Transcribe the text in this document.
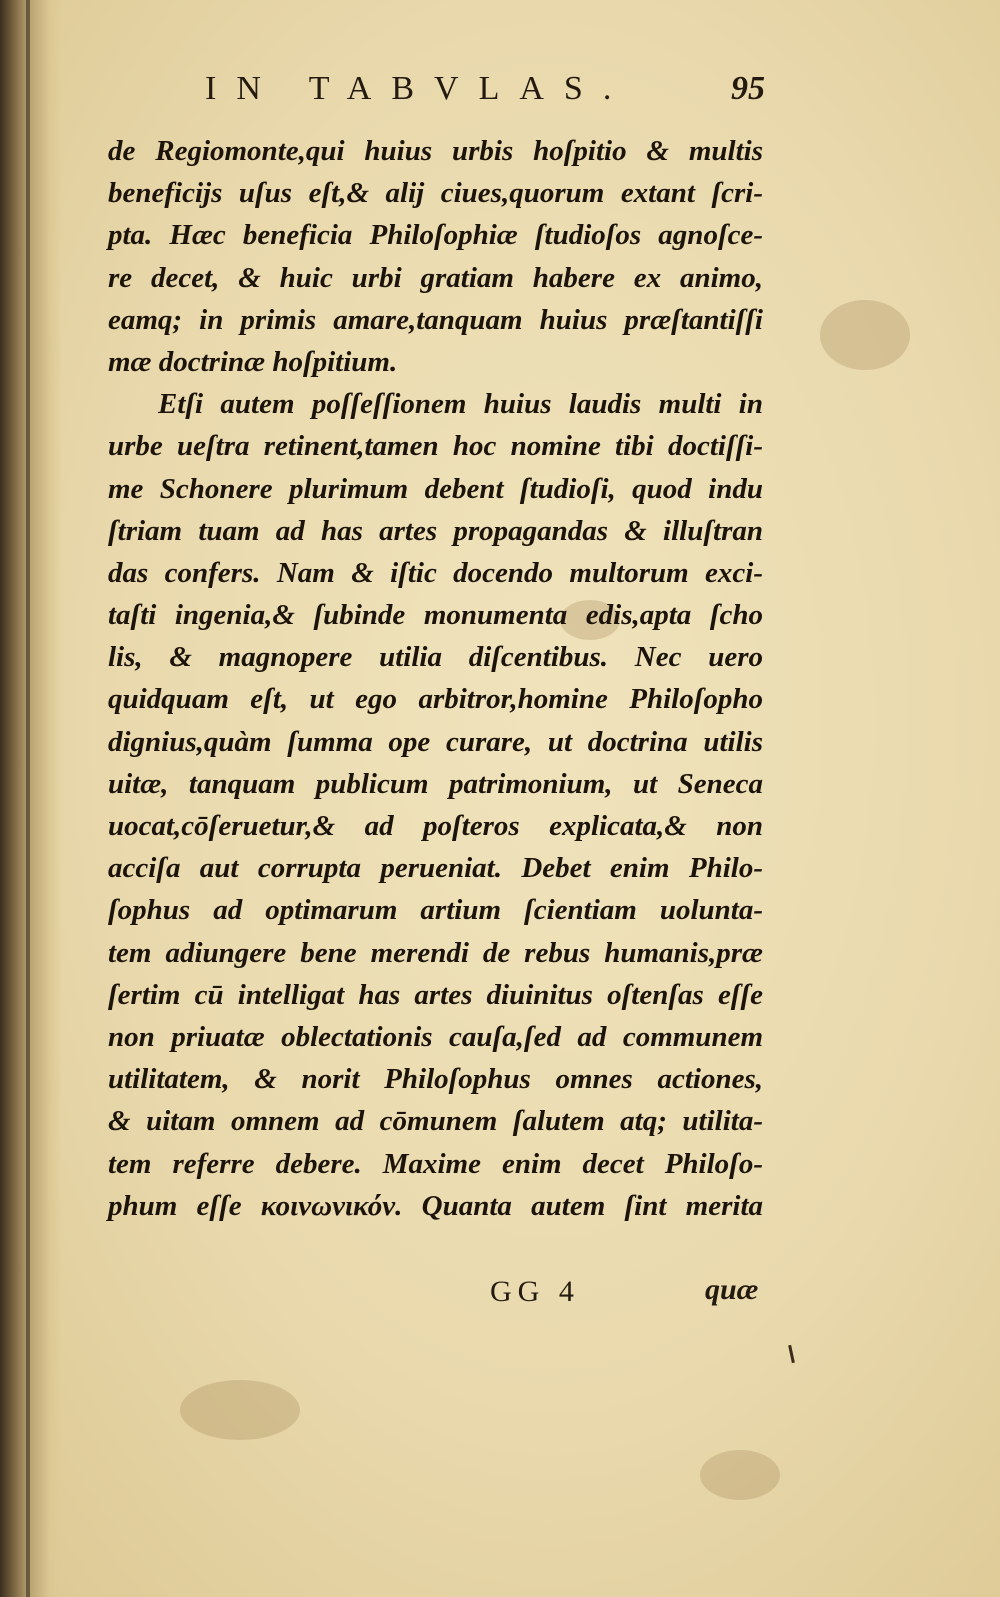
IN TABVLAS.	95
de Regiomonte,qui huius urbis hoſpitio & multis
beneficijs uſus eſt,& alij ciues,quorum extant ſcri-
pta. Hæc beneficia Philoſophiæ ſtudioſos agnoſce-
re decet, & huic urbi gratiam habere ex animo,
eamq; in primis amare,tanquam huius præſtantiſſi
mæ doctrinæ hoſpitium.
Etſi autem poſſeſſionem huius laudis multi in
urbe ueſtra retinent,tamen hoc nomine tibi doctiſſi-
me Schonere plurimum debent ſtudioſi, quod indu
ſtriam tuam ad has artes propagandas & illuſtran
das confers. Nam & iſtic docendo multorum exci-
taſti ingenia,& ſubinde monumenta edis,apta ſcho
lis, & magnopere utilia diſcentibus. Nec uero
quidquam eſt, ut ego arbitror,homine Philoſopho
dignius,quàm ſumma ope curare, ut doctrina utilis
uitæ, tanquam publicum patrimonium, ut Seneca
uocat,cōſeruetur,& ad poſteros explicata,& non
acciſa aut corrupta perueniat. Debet enim Philo-
ſophus ad optimarum artium ſcientiam uolunta-
tem adiungere bene merendi de rebus humanis,præ
ſertim cū intelligat has artes diuinitus oſtenſas eſſe
non priuatæ oblectationis cauſa,ſed ad communem
utilitatem, & norit Philoſophus omnes actiones,
& uitam omnem ad cōmunem ſalutem atq; utilita-
tem referre debere. Maxime enim decet Philoſo-
phum eſſe κοινωνικόν. Quanta autem ſint merita
GG 4	quæ
